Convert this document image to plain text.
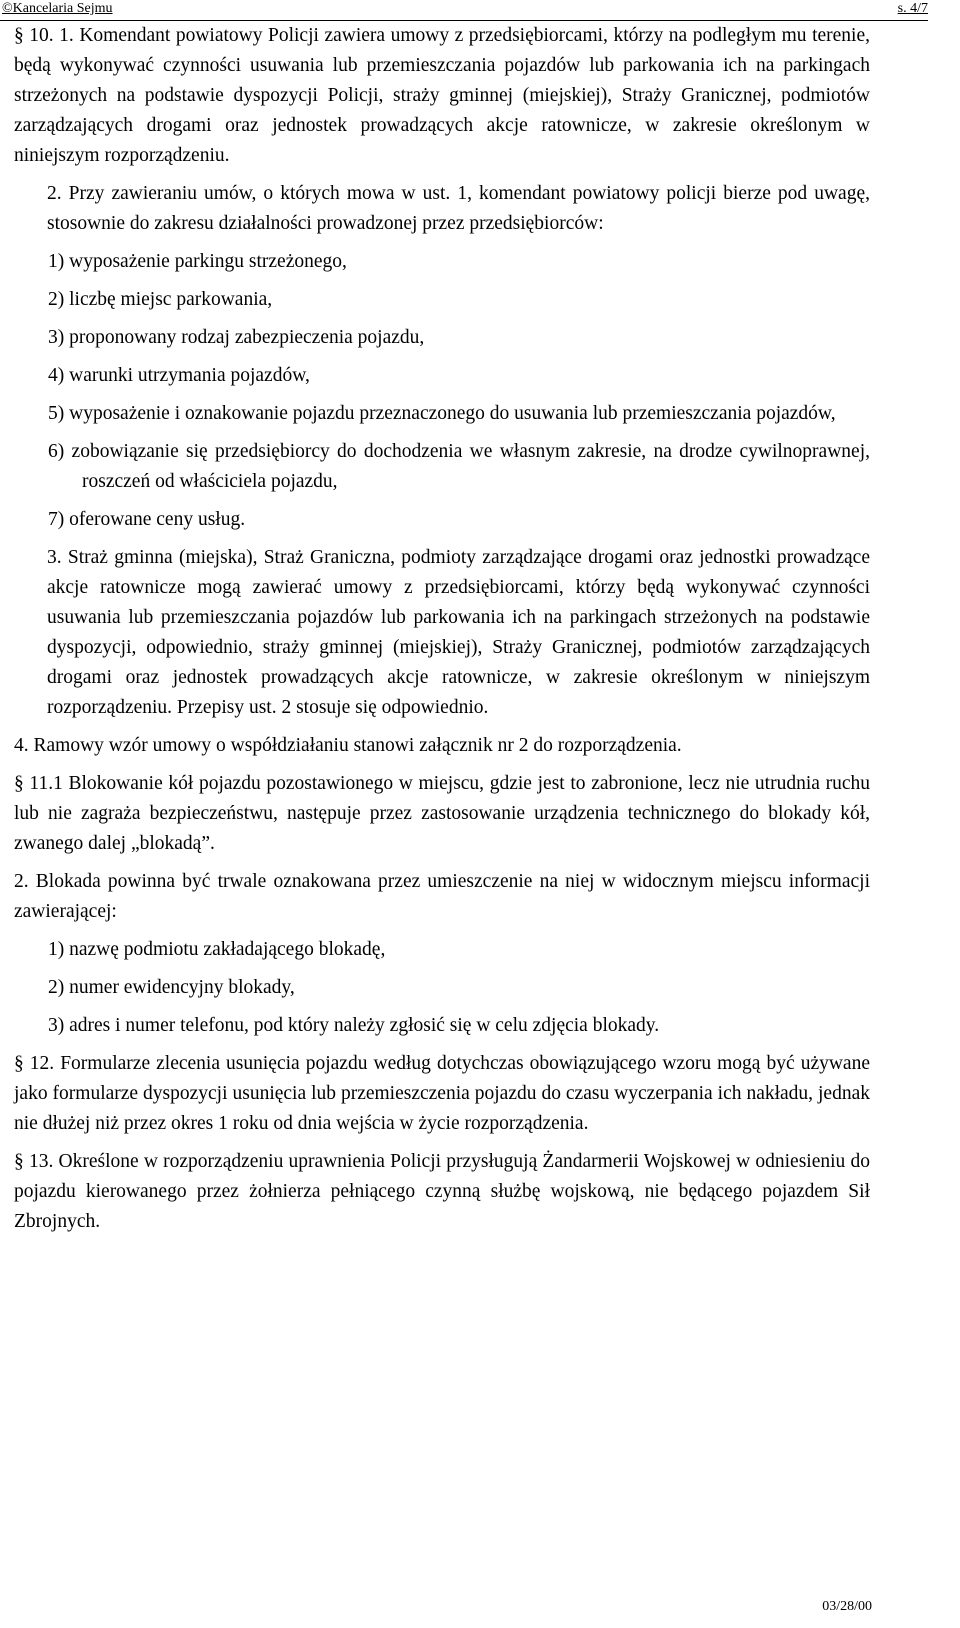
©Kancelaria Sejmu	s. 4/7

§ 10. 1. Komendant powiatowy Policji zawiera umowy z przedsiębiorcami, którzy na podległym mu terenie, będą wykonywać czynności usuwania lub przemieszczania pojazdów lub parkowania ich na parkingach strzeżonych na podstawie dyspozycji Policji, straży gminnej (miejskiej), Straży Granicznej, podmiotów zarządzających drogami oraz jednostek prowadzących akcje ratownicze, w zakresie określonym w niniejszym rozporządzeniu.

2. Przy zawieraniu umów, o których mowa w ust. 1, komendant powiatowy policji bierze pod uwagę, stosownie do zakresu działalności prowadzonej przez przedsiębiorców:

1) wyposażenie parkingu strzeżonego,
2) liczbę miejsc parkowania,
3) proponowany rodzaj zabezpieczenia pojazdu,
4) warunki utrzymania pojazdów,
5) wyposażenie i oznakowanie pojazdu przeznaczonego do usuwania lub przemieszczania pojazdów,
6) zobowiązanie się przedsiębiorcy do dochodzenia we własnym zakresie, na drodze cywilnoprawnej, roszczeń od właściciela pojazdu,
7) oferowane ceny usług.

3. Straż gminna (miejska), Straż Graniczna, podmioty zarządzające drogami oraz jednostki prowadzące akcje ratownicze mogą zawierać umowy z przedsiębiorcami, którzy będą wykonywać czynności usuwania lub przemieszczania pojazdów lub parkowania ich na parkingach strzeżonych na podstawie dyspozycji, odpowiednio, straży gminnej (miejskiej), Straży Granicznej, podmiotów zarządzających drogami oraz jednostek prowadzących akcje ratownicze, w zakresie określonym w niniejszym rozporządzeniu. Przepisy ust. 2 stosuje się odpowiednio.

4. Ramowy wzór umowy o współdziałaniu stanowi załącznik nr 2 do rozporządzenia.

§ 11.1 Blokowanie kół pojazdu pozostawionego w miejscu, gdzie jest to zabronione, lecz nie utrudnia ruchu lub nie zagraża bezpieczeństwu, następuje przez zastosowanie urządzenia technicznego do blokady kół, zwanego dalej „blokadą”.

2. Blokada powinna być trwale oznakowana przez umieszczenie na niej w widocznym miejscu informacji zawierającej:

1) nazwę podmiotu zakładającego blokadę,
2) numer ewidencyjny blokady,
3) adres i numer telefonu, pod który należy zgłosić się w celu zdjęcia blokady.

§ 12. Formularze zlecenia usunięcia pojazdu według dotychczas obowiązującego wzoru mogą być używane jako formularze dyspozycji usunięcia lub przemieszczenia pojazdu do czasu wyczerpania ich nakładu, jednak nie dłużej niż przez okres 1 roku od dnia wejścia w życie rozporządzenia.

§ 13. Określone w rozporządzeniu uprawnienia Policji przysługują Żandarmerii Wojskowej w odniesieniu do pojazdu kierowanego przez żołnierza pełniącego czynną służbę wojskową, nie będącego pojazdem Sił Zbrojnych.

03/28/00
